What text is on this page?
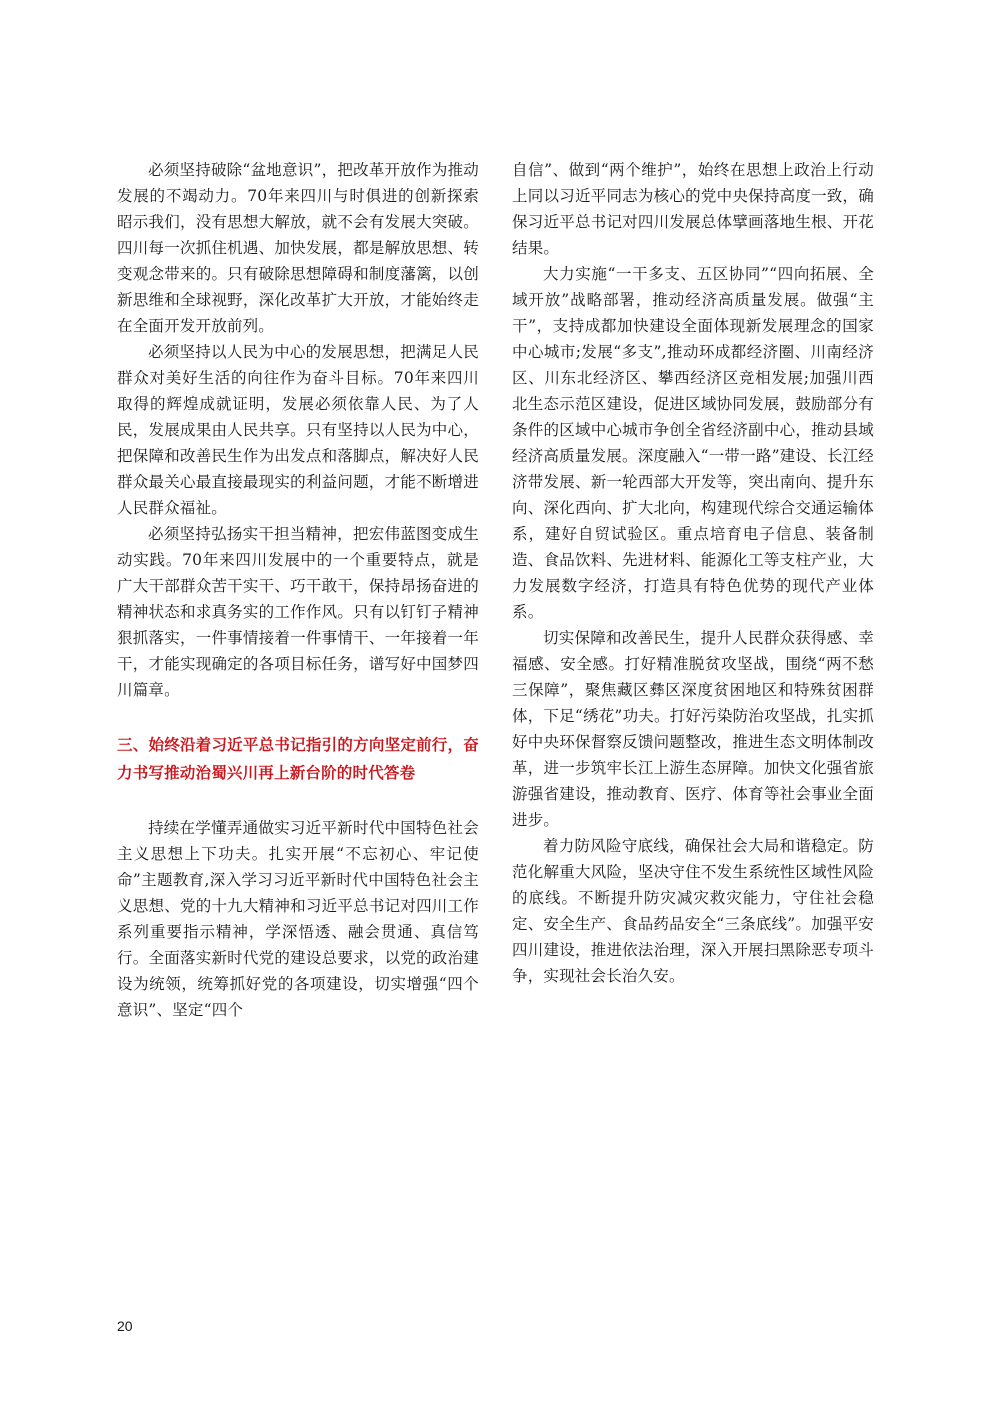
必须坚持破除“盆地意识”，把改革开放作为推动发展的不竭动力。70年来四川与时俱进的创新探索昭示我们，没有思想大解放，就不会有发展大突破。四川每一次抓住机遇、加快发展，都是解放思想、转变观念带来的。只有破除思想障碍和制度藩篱，以创新思维和全球视野，深化改革扩大开放，才能始终走在全面开发开放前列。

必须坚持以人民为中心的发展思想，把满足人民群众对美好生活的向往作为奋斗目标。70年来四川取得的辉煌成就证明，发展必须依靠人民、为了人民，发展成果由人民共享。只有坚持以人民为中心，把保障和改善民生作为出发点和落脚点，解决好人民群众最关心最直接最现实的利益问题，才能不断增进人民群众福祉。

必须坚持弘扬实干担当精神，把宏伟蓝图变成生动实践。70年来四川发展中的一个重要特点，就是广大干部群众苦干实干、巧干敢干，保持昂扬奋进的精神状态和求真务实的工作作风。只有以钉钉子精神狠抓落实，一件事情接着一件事情干、一年接着一年干，才能实现确定的各项目标任务，谱写好中国梦四川篇章。

三、始终沿着习近平总书记指引的方向坚定前行，奋力书写推动治蜀兴川再上新台阶的时代答卷

持续在学懂弄通做实习近平新时代中国特色社会主义思想上下功夫。扎实开展“不忘初心、牢记使命”主题教育,深入学习习近平新时代中国特色社会主义思想、党的十九大精神和习近平总书记对四川工作系列重要指示精神，学深悟透、融会贯通、真信笃行。全面落实新时代党的建设总要求，以党的政治建设为统领，统筹抓好党的各项建设，切实增强“四个意识”、坚定“四个

自信”、做到“两个维护”，始终在思想上政治上行动上同以习近平同志为核心的党中央保持高度一致，确保习近平总书记对四川发展总体擘画落地生根、开花结果。

大力实施“一干多支、五区协同”“四向拓展、全域开放”战略部署，推动经济高质量发展。做强“主干”，支持成都加快建设全面体现新发展理念的国家中心城市;发展“多支”,推动环成都经济圈、川南经济区、川东北经济区、攀西经济区竞相发展;加强川西北生态示范区建设，促进区域协同发展，鼓励部分有条件的区域中心城市争创全省经济副中心，推动县域经济高质量发展。深度融入“一带一路”建设、长江经济带发展、新一轮西部大开发等，突出南向、提升东向、深化西向、扩大北向，构建现代综合交通运输体系，建好自贸试验区。重点培育电子信息、装备制造、食品饮料、先进材料、能源化工等支柱产业，大力发展数字经济，打造具有特色优势的现代产业体系。

切实保障和改善民生，提升人民群众获得感、幸福感、安全感。打好精准脱贫攻坚战，围绕“两不愁三保障”，聚焦藏区彝区深度贫困地区和特殊贫困群体，下足“绣花”功夫。打好污染防治攻坚战，扎实抓好中央环保督察反馈问题整改，推进生态文明体制改革，进一步筑牢长江上游生态屏障。加快文化强省旅游强省建设，推动教育、医疗、体育等社会事业全面进步。

着力防风险守底线，确保社会大局和谐稳定。防范化解重大风险，坚决守住不发生系统性区域性风险的底线。不断提升防灾减灾救灾能力，守住社会稳定、安全生产、食品药品安全“三条底线”。加强平安四川建设，推进依法治理，深入开展扫黑除恶专项斗争，实现社会长治久安。

20
